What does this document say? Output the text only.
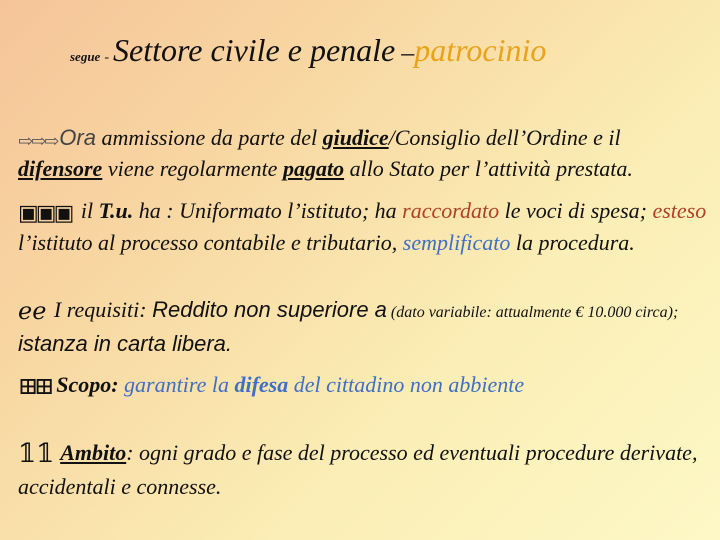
segue - Settore civile e penale –patrocinio
⇨⇨⇨Ora ammissione da parte del giudice/Consiglio dell’Ordine e il difensore viene regolarmente pagato allo Stato per l’attività prestata.
▣▣▣ il T.u. ha : Uniformato l’istituto; ha raccordato le voci di spesa; esteso l’istituto al processo contabile e tributario, semplificato la procedura.
ℯℯ I requisiti: Reddito non superiore a (dato variabile: attualmente € 10.000 circa); istanza in carta libera.
⊞⊞ Scopo: garantire la difesa del cittadino non abbiente
𝟙𝟙 Ambito: ogni grado e fase del processo ed eventuali procedure derivate, accidentali e connesse.
